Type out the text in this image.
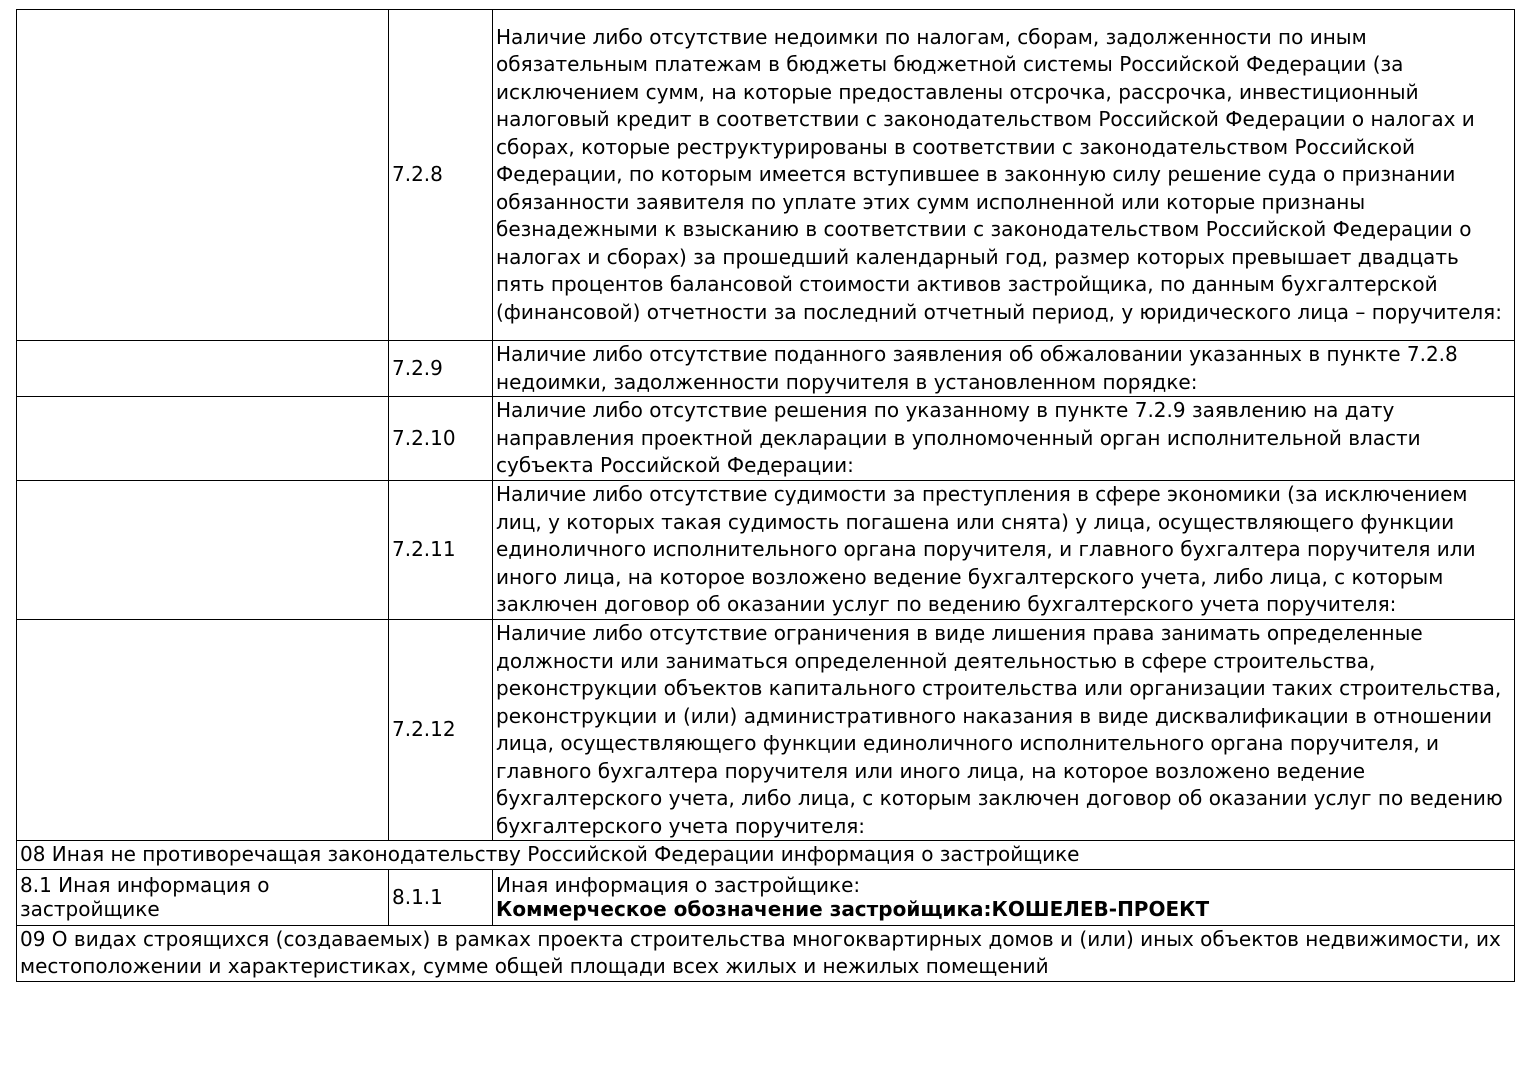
	7.2.8	Наличие либо отсутствие недоимки по налогам, сборам, задолженности по иным обязательным платежам в бюджеты бюджетной системы Российской Федерации (за исключением сумм, на которые предоставлены отсрочка, рассрочка, инвестиционный налоговый кредит в соответствии с законодательством Российской Федерации о налогах и сборах, которые реструктурированы в соответствии с законодательством Российской Федерации, по которым имеется вступившее в законную силу решение суда о признании обязанности заявителя по уплате этих сумм исполненной или которые признаны безнадежными к взысканию в соответствии с законодательством Российской Федерации о налогах и сборах) за прошедший календарный год, размер которых превышает двадцать пять процентов балансовой стоимости активов застройщика, по данным бухгалтерской (финансовой) отчетности за последний отчетный период, у юридического лица – поручителя:
	7.2.9	Наличие либо отсутствие поданного заявления об обжаловании указанных в пункте 7.2.8 недоимки, задолженности поручителя в установленном порядке:
	7.2.10	Наличие либо отсутствие решения по указанному в пункте 7.2.9 заявлению на дату направления проектной декларации в уполномоченный орган исполнительной власти субъекта Российской Федерации:
	7.2.11	Наличие либо отсутствие судимости за преступления в сфере экономики (за исключением лиц, у которых такая судимость погашена или снята) у лица, осуществляющего функции единоличного исполнительного органа поручителя, и главного бухгалтера поручителя или иного лица, на которое возложено ведение бухгалтерского учета, либо лица, с которым заключен договор об оказании услуг по ведению бухгалтерского учета поручителя:
	7.2.12	Наличие либо отсутствие ограничения в виде лишения права занимать определенные должности или заниматься определенной деятельностью в сфере строительства, реконструкции объектов капитального строительства или организации таких строительства, реконструкции и (или) административного наказания в виде дисквалификации в отношении лица, осуществляющего функции единоличного исполнительного органа поручителя, и главного бухгалтера поручителя или иного лица, на которое возложено ведение бухгалтерского учета, либо лица, с которым заключен договор об оказании услуг по ведению бухгалтерского учета поручителя:
08 Иная не противоречащая законодательству Российской Федерации информация о застройщике		
8.1 Иная информация о застройщике	8.1.1	Иная информация о застройщике:
Коммерческое обозначение застройщика:КОШЕЛЕВ-ПРОЕКТ

09 О видах строящихся (создаваемых) в рамках проекта строительства многоквартирных домов и (или) иных объектов недвижимости, их местоположении и характеристиках, сумме общей площади всех жилых и нежилых помещений		
